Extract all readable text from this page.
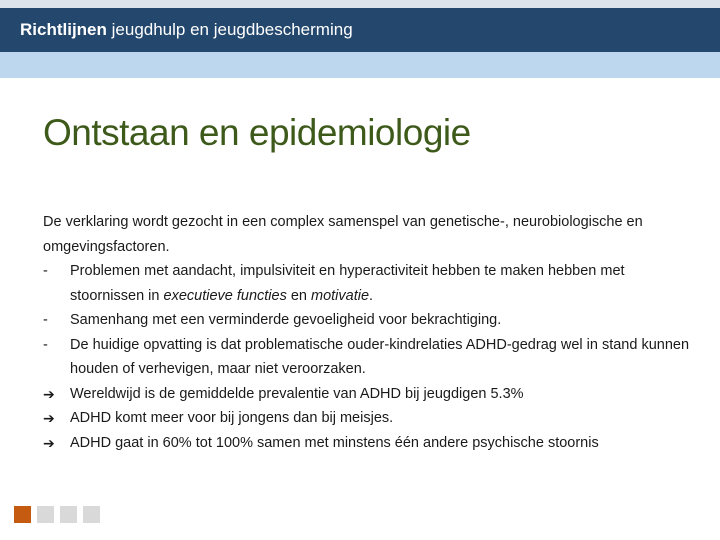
Richtlijnen jeugdhulp en jeugdbescherming
Ontstaan en epidemiologie

De verklaring wordt gezocht in een complex samenspel van genetische-, neurobiologische en omgevingsfactoren.

-	Problemen met aandacht, impulsiviteit en hyperactiviteit hebben te maken hebben met stoornissen in executieve functies en motivatie.
-	Samenhang met een verminderde gevoeligheid voor bekrachtiging.
-	De huidige opvatting is dat problematische ouder-kindrelaties ADHD-gedrag wel in stand kunnen houden of verhevigen, maar niet veroorzaken.
➔	Wereldwijd is de gemiddelde prevalentie van ADHD bij jeugdigen 5.3%
➔	ADHD komt meer voor bij jongens dan bij meisjes.
➔	ADHD gaat in 60% tot 100% samen met minstens één andere psychische stoornis
